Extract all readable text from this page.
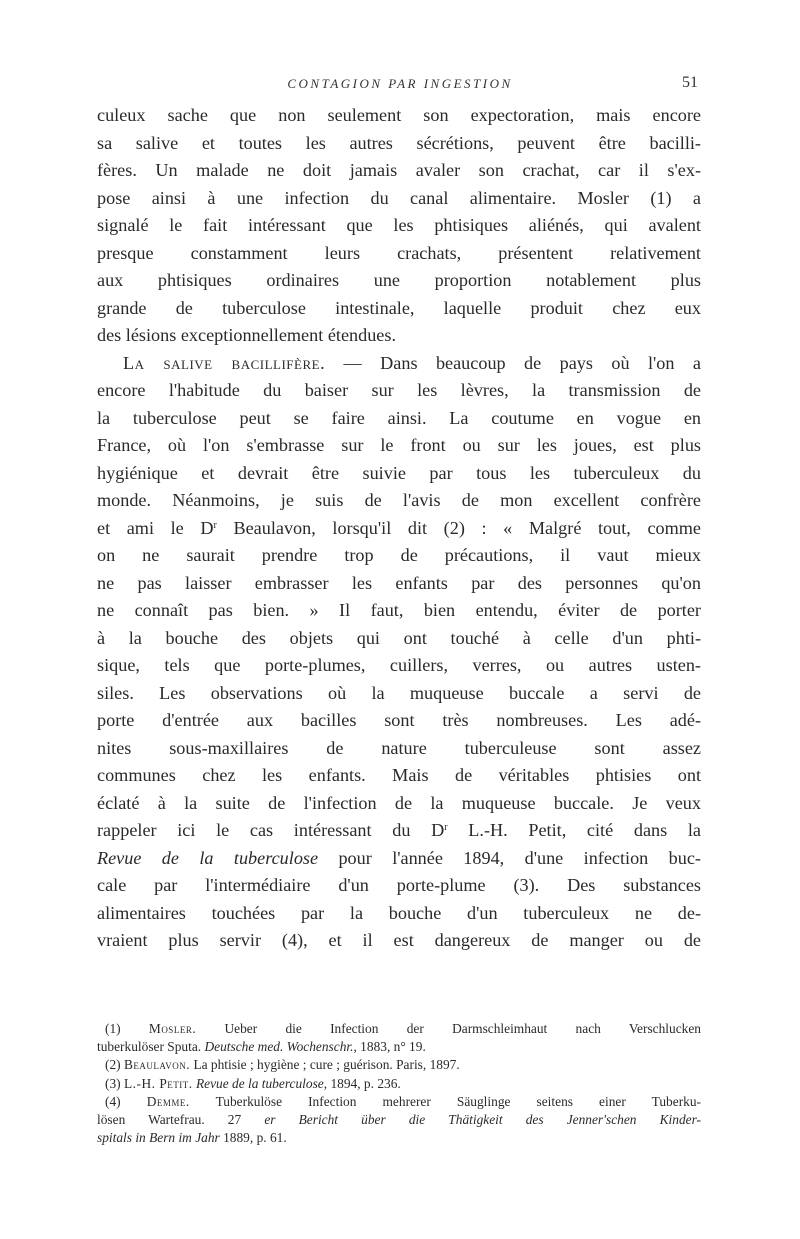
CONTAGION PAR INGESTION	51
culeux sache que non seulement son expectoration, mais encore
sa salive et toutes les autres sécrétions, peuvent être bacilli-
fères. Un malade ne doit jamais avaler son crachat, car il s'ex-
pose ainsi à une infection du canal alimentaire. Mosler (1) a
signalé le fait intéressant que les phtisiques aliénés, qui avalent
presque constamment leurs crachats, présentent relativement
aux phtisiques ordinaires une proportion notablement plus
grande de tuberculose intestinale, laquelle produit chez eux
des lésions exceptionnellement étendues.
La salive bacillifère. — Dans beaucoup de pays où l'on a
encore l'habitude du baiser sur les lèvres, la transmission de
la tuberculose peut se faire ainsi. La coutume en vogue en
France, où l'on s'embrasse sur le front ou sur les joues, est plus
hygiénique et devrait être suivie par tous les tuberculeux du
monde. Néanmoins, je suis de l'avis de mon excellent confrère
et ami le $D^r$ Beaulavon, lorsqu'il dit (2) : « Malgré tout, comme
on ne saurait prendre trop de précautions, il vaut mieux
ne pas laisser embrasser les enfants par des personnes qu'on
ne connaît pas bien. » Il faut, bien entendu, éviter de porter
à la bouche des objets qui ont touché à celle d'un phti-
sique, tels que porte-plumes, cuillers, verres, ou autres usten-
siles. Les observations où la muqueuse buccale a servi de
porte d'entrée aux bacilles sont très nombreuses. Les adé-
nites sous-maxillaires de nature tuberculeuse sont assez
communes chez les enfants. Mais de véritables phtisies ont
éclaté à la suite de l'infection de la muqueuse buccale. Je veux
rappeler ici le cas intéressant du $D^r$ L.-H. Petit, cité dans la
Revue de la tuberculose pour l'année 1894, d'une infection buc-
cale par l'intermédiaire d'un porte-plume (3). Des substances
alimentaires touchées par la bouche d'un tuberculeux ne de-
vraient plus servir (4), et il est dangereux de manger ou de
(1) Mosler. Ueber die Infection der Darmschleimhaut nach Verschlucken
tuberkulöser Sputa. Deutsche med. Wochenschr., 1883, n° 19.
(2) Beaulavon. La phtisie ; hygiène ; cure ; guérison. Paris, 1897.
(3) L.-H. Petit. Revue de la tuberculose, 1894, p. 236.
(4) Demme. Tuberkulöse Infection mehrerer Säuglinge seitens einer Tuberku-
lösen Wartefrau. 27 er Bericht über die Thätigkeit des Jenner'schen Kinder-
spitals in Bern im Jahr 1889, p. 61.
